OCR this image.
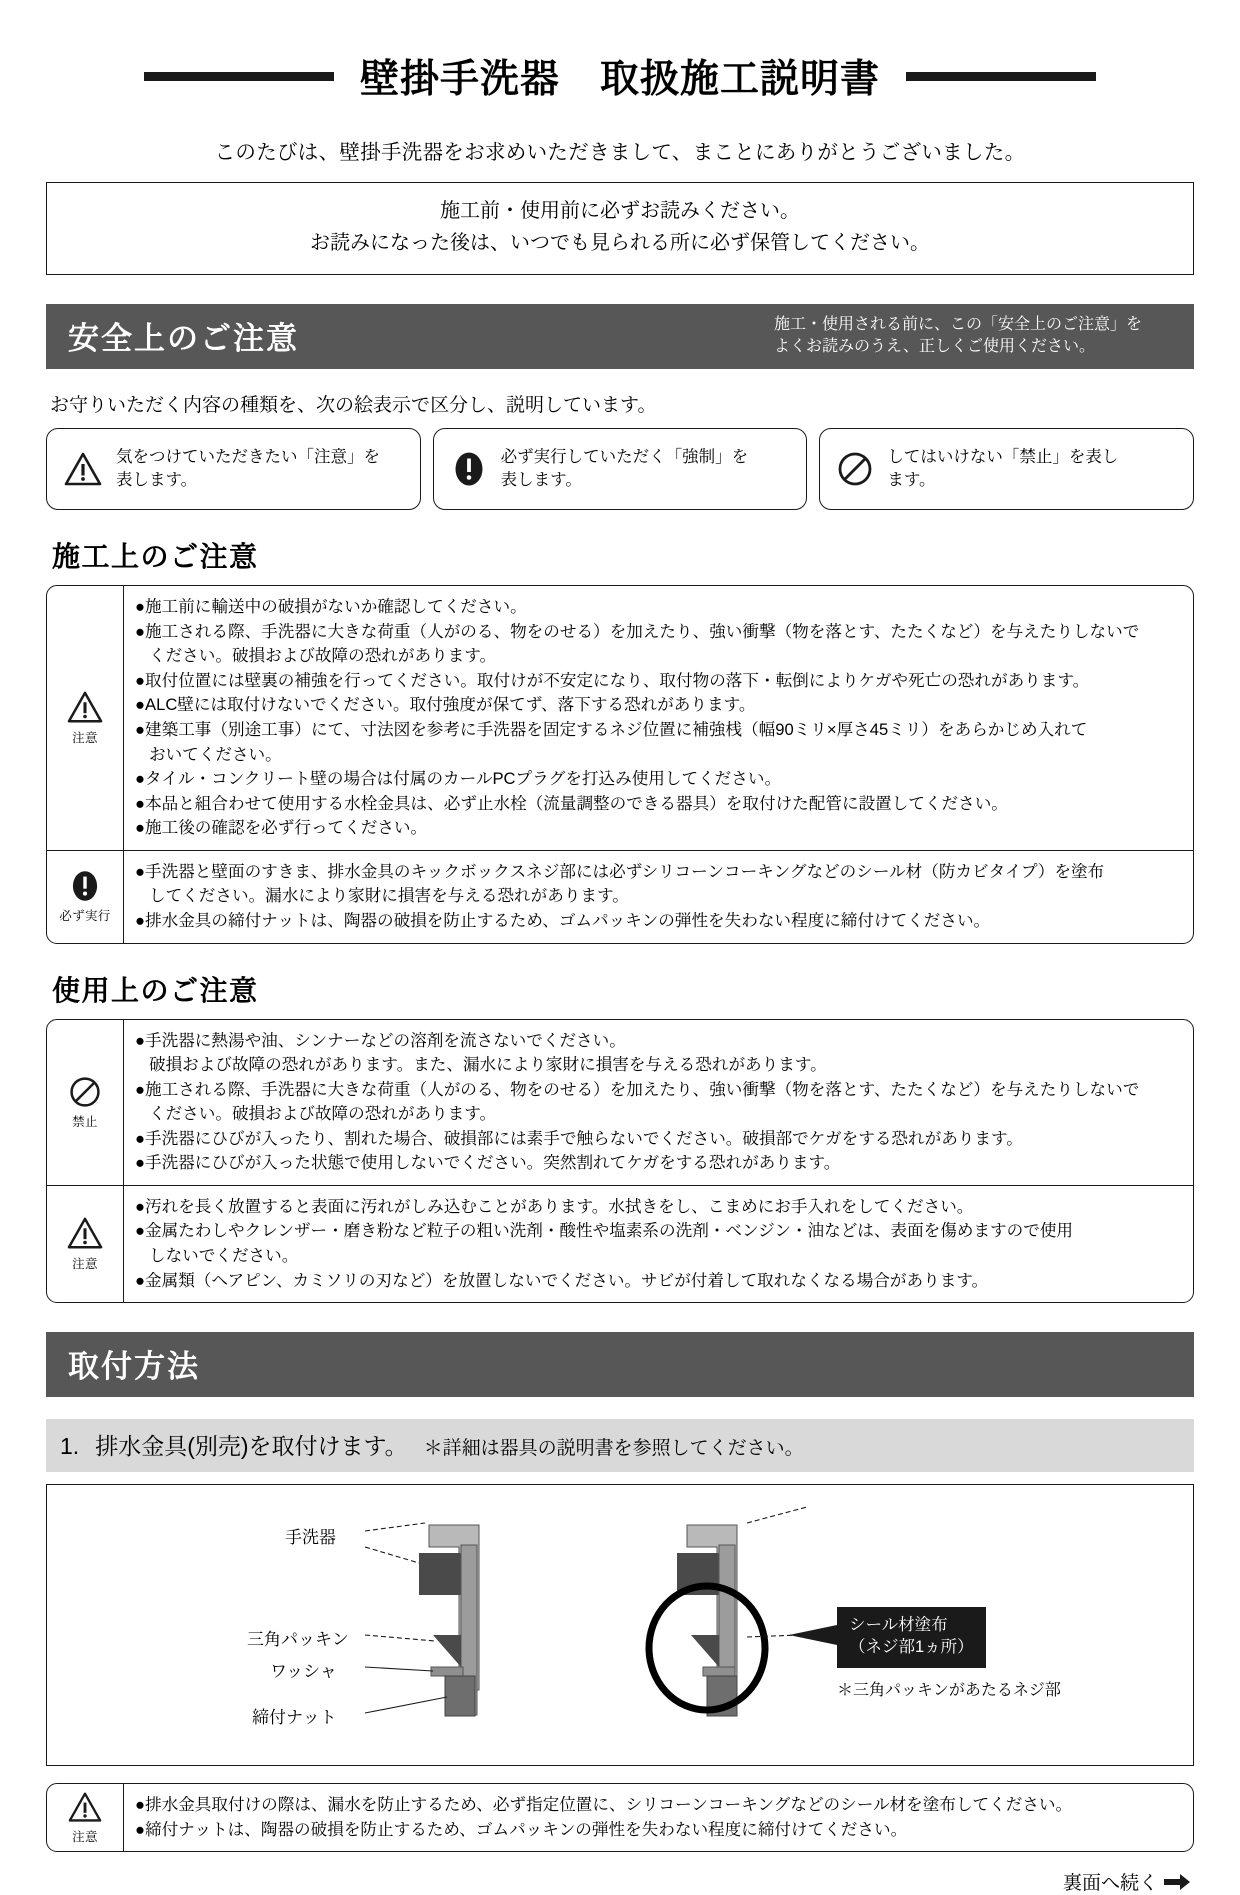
壁掛手洗器　取扱施工説明書
このたびは、壁掛手洗器をお求めいただきまして、まことにありがとうございました。
施工前・使用前に必ずお読みください。
お読みになった後は、いつでも見られる所に必ず保管してください。
安全上のご注意	施工・使用される前に、この「安全上のご注意」を
よくお読みのうえ、正しくご使用ください。
お守りいただく内容の種類を、次の絵表示で区分し、説明しています。
気をつけていただきたい「注意」を
表します。
必ず実行していただく「強制」を
表します。
してはいけない「禁止」を表し
ます。
施工上のご注意
注意
●施工前に輸送中の破損がないか確認してください。
●施工される際、手洗器に大きな荷重（人がのる、物をのせる）を加えたり、強い衝撃（物を落とす、たたくなど）を与えたりしないで
ください。破損および故障の恐れがあります。
●取付位置には壁裏の補強を行ってください。取付けが不安定になり、取付物の落下・転倒によりケガや死亡の恐れがあります。
●ALC壁には取付けないでください。取付強度が保てず、落下する恐れがあります。
●建築工事（別途工事）にて、寸法図を参考に手洗器を固定するネジ位置に補強桟（幅90ミリ×厚さ45ミリ）をあらかじめ入れて
おいてください。
●タイル・コンクリート壁の場合は付属のカールPCプラグを打込み使用してください。
●本品と組合わせて使用する水栓金具は、必ず止水栓（流量調整のできる器具）を取付けた配管に設置してください。
●施工後の確認を必ず行ってください。
必ず実行
●手洗器と壁面のすきま、排水金具のキックボックスネジ部には必ずシリコーンコーキングなどのシール材（防カビタイプ）を塗布
してください。漏水により家財に損害を与える恐れがあります。
●排水金具の締付ナットは、陶器の破損を防止するため、ゴムパッキンの弾性を失わない程度に締付けてください。
使用上のご注意
禁止
●手洗器に熱湯や油、シンナーなどの溶剤を流さないでください。
破損および故障の恐れがあります。また、漏水により家財に損害を与える恐れがあります。
●施工される際、手洗器に大きな荷重（人がのる、物をのせる）を加えたり、強い衝撃（物を落とす、たたくなど）を与えたりしないで
ください。破損および故障の恐れがあります。
●手洗器にひびが入ったり、割れた場合、破損部には素手で触らないでください。破損部でケガをする恐れがあります。
●手洗器にひびが入った状態で使用しないでください。突然割れてケガをする恐れがあります。
注意
●汚れを長く放置すると表面に汚れがしみ込むことがあります。水拭きをし、こまめにお手入れをしてください。
●金属たわしやクレンザー・磨き粉など粒子の粗い洗剤・酸性や塩素系の洗剤・ベンジン・油などは、表面を傷めますので使用
しないでください。
●金属類（ヘアピン、カミソリの刃など）を放置しないでください。サビが付着して取れなくなる場合があります。
取付方法
1. 排水金具(別売)を取付けます。 ＊詳細は器具の説明書を参照してください。
手洗器
三角パッキン
ワッシャ
締付ナット
シール材塗布
（ネジ部1ヵ所）
＊三角パッキンがあたるネジ部
注意
●排水金具取付けの際は、漏水を防止するため、必ず指定位置に、シリコーンコーキングなどのシール材を塗布してください。
●締付ナットは、陶器の破損を防止するため、ゴムパッキンの弾性を失わない程度に締付けてください。
裏面へ続く
